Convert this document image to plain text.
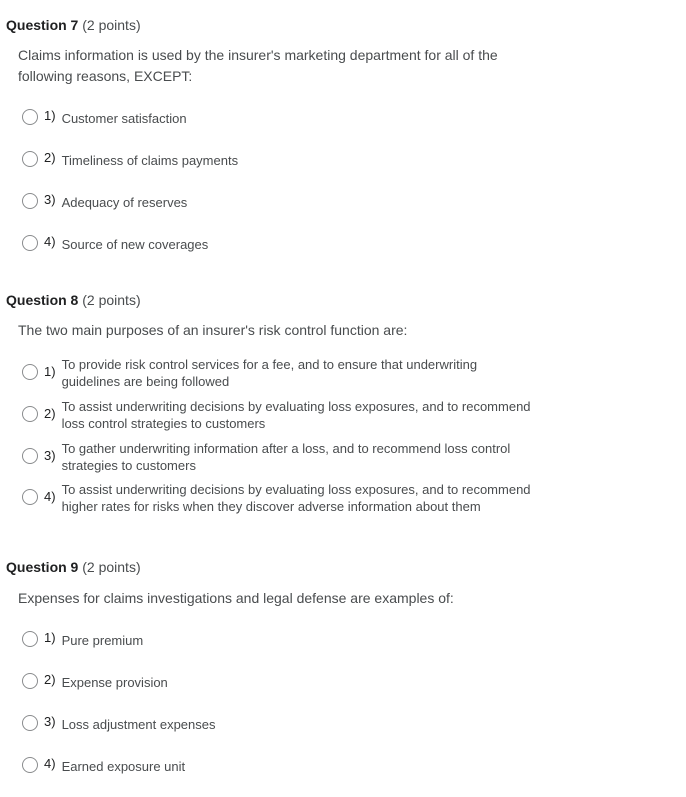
Question 7 (2 points)
Claims information is used by the insurer's marketing department for all of the following reasons, EXCEPT:
1) Customer satisfaction
2) Timeliness of claims payments
3) Adequacy of reserves
4) Source of new coverages
Question 8 (2 points)
The two main purposes of an insurer's risk control function are:
1) To provide risk control services for a fee, and to ensure that underwriting guidelines are being followed
2) To assist underwriting decisions by evaluating loss exposures, and to recommend loss control strategies to customers
3) To gather underwriting information after a loss, and to recommend loss control strategies to customers
4) To assist underwriting decisions by evaluating loss exposures, and to recommend higher rates for risks when they discover adverse information about them
Question 9 (2 points)
Expenses for claims investigations and legal defense are examples of:
1) Pure premium
2) Expense provision
3) Loss adjustment expenses
4) Earned exposure unit
